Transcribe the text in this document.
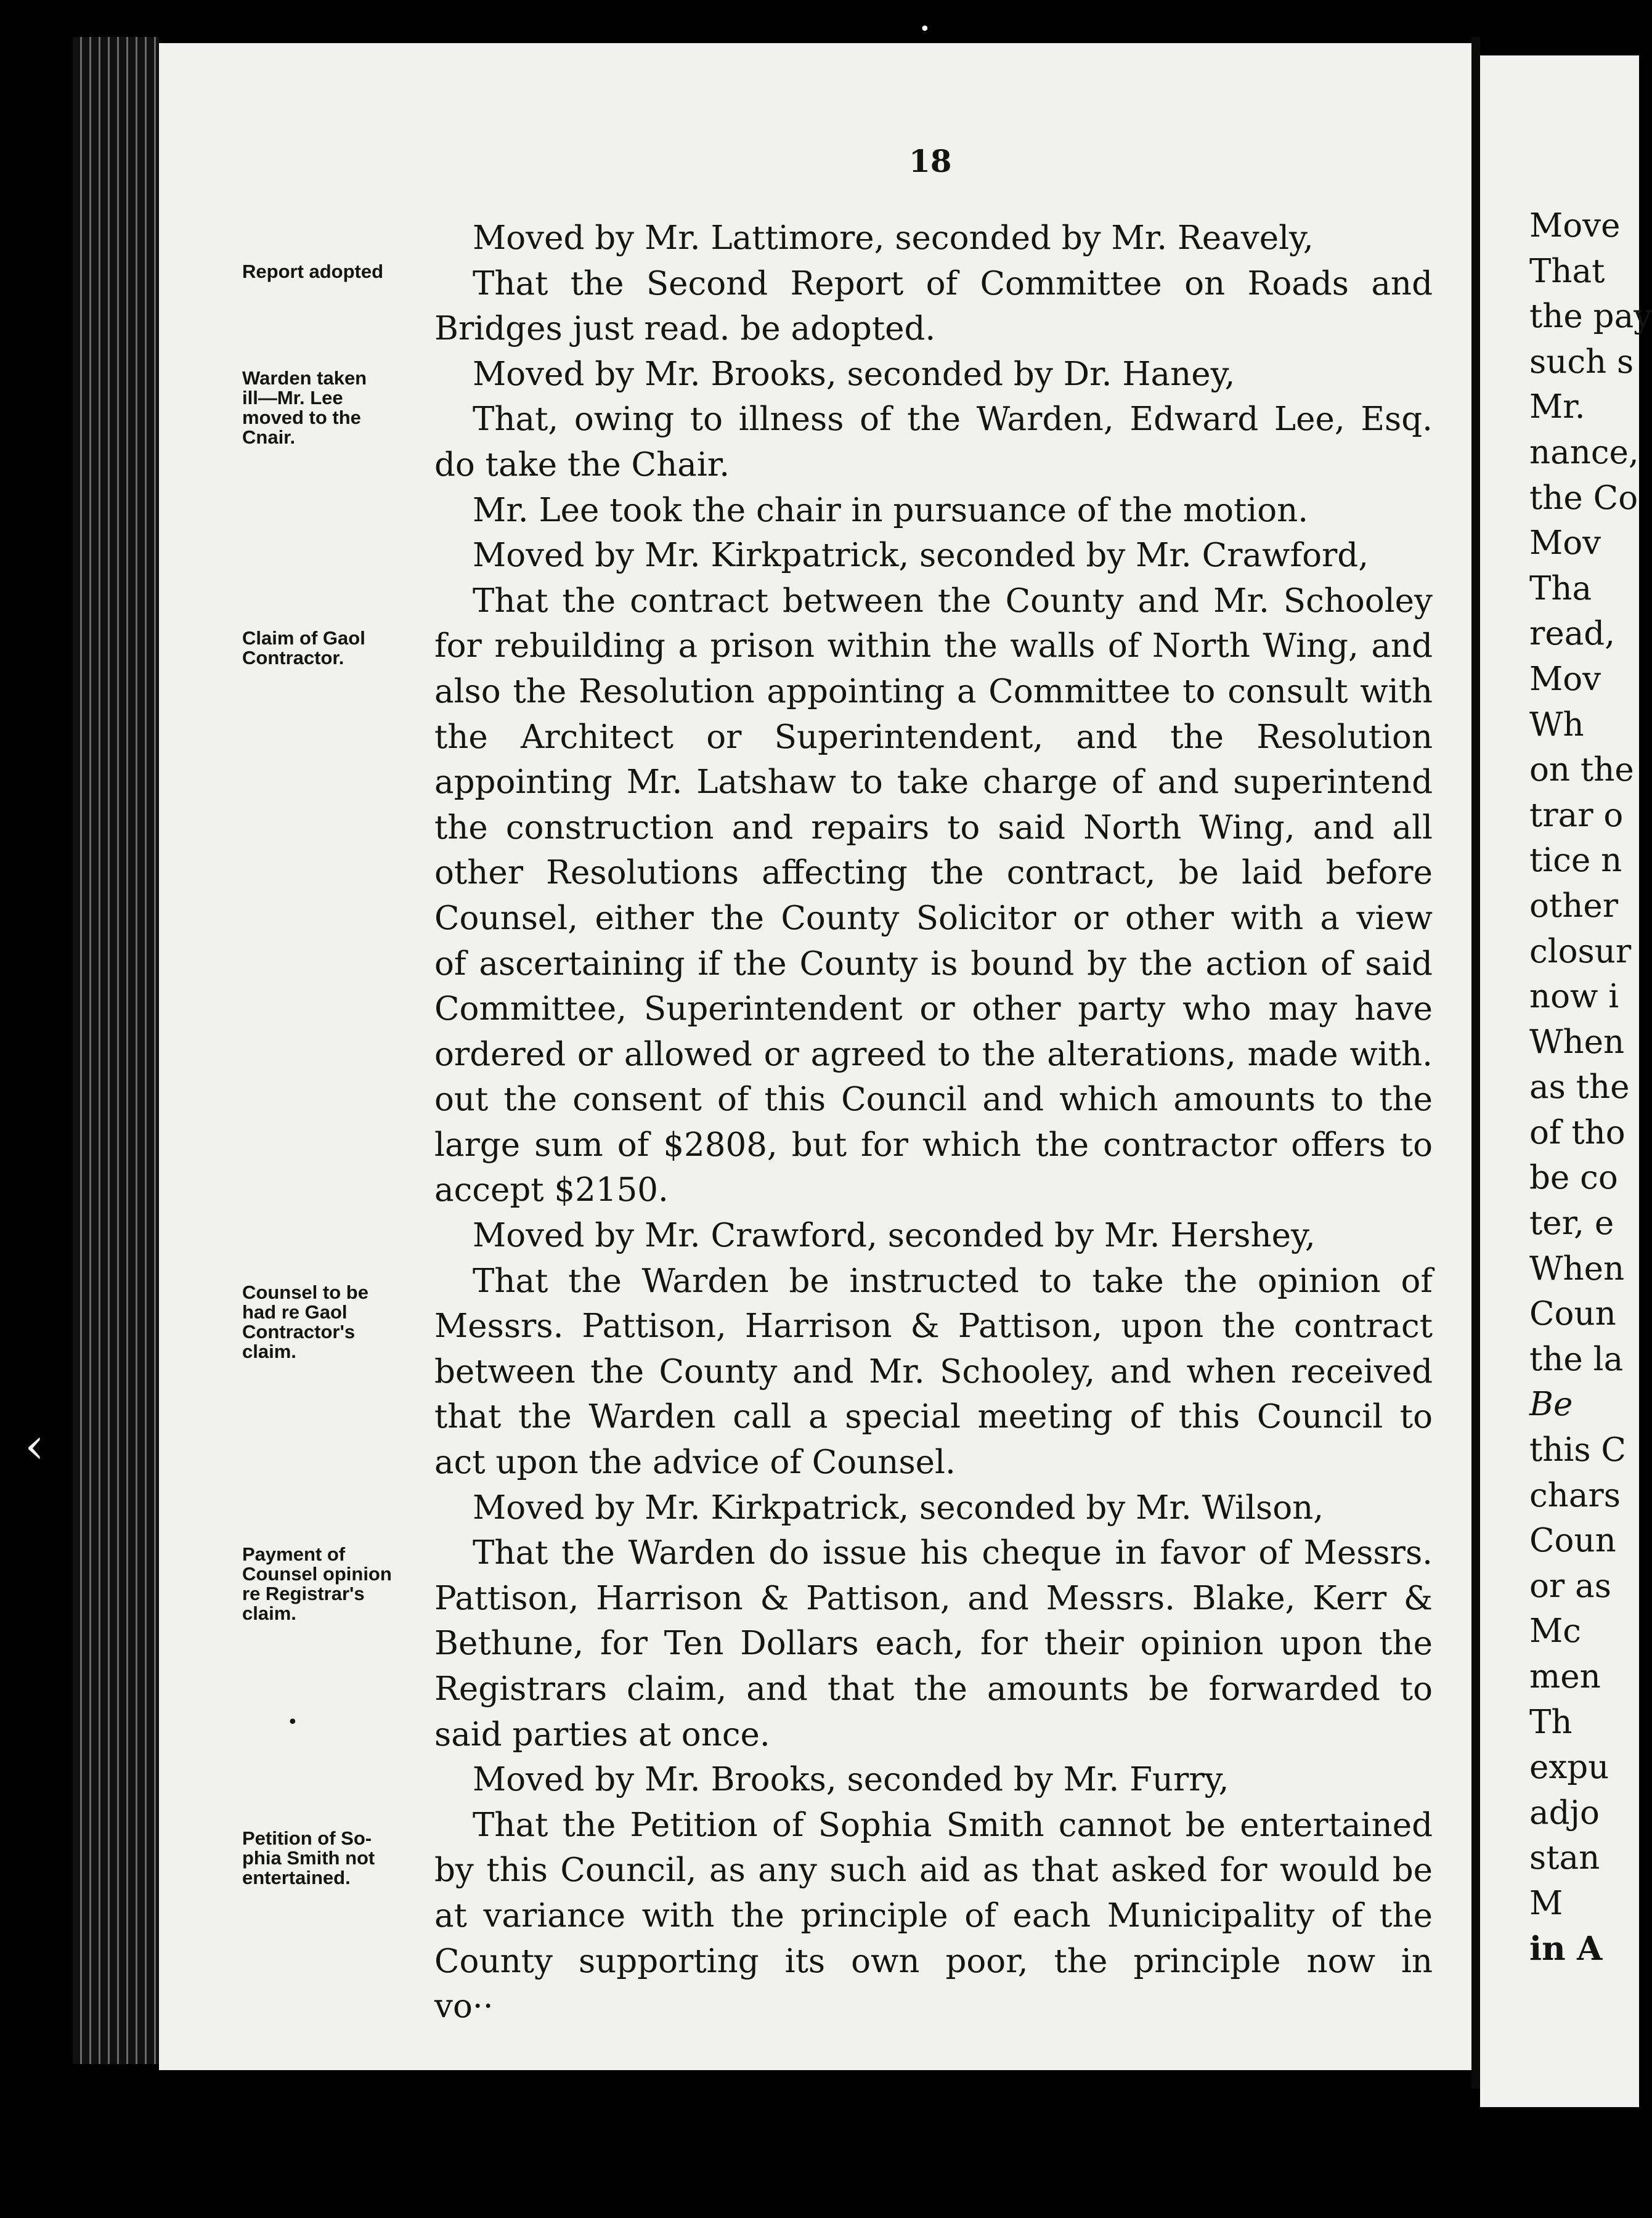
‹
18
Report adopted
Warden taken
ill—Mr. Lee
moved to the
Cnair.
Claim of Gaol
Contractor.
Counsel to be
had re Gaol
Contractor's
claim.
Payment of
Counsel opinion
re Registrar's
claim.
Petition of So-
phia Smith not
entertained.
Moved by Mr. Lattimore, seconded by Mr. Reavely,
That the Second Report of Committee on Roads and
Bridges just read. be adopted.
Moved by Mr. Brooks, seconded by Dr. Haney,
That, owing to illness of the Warden, Edward Lee, Esq.
do take the Chair.
Mr. Lee took the chair in pursuance of the motion.
Moved by Mr. Kirkpatrick, seconded by Mr. Crawford,
That the contract between the County and Mr. Schooley
for rebuilding a prison within the walls of North Wing, and
also the Resolution appointing a Committee to consult with
the Architect or Superintendent, and the Resolution
appointing Mr. Latshaw to take charge of and superintend
the construction and repairs to said North Wing, and all
other Resolutions affecting the contract, be laid before
Counsel, either the County Solicitor or other with a view
of ascertaining if the County is bound by the action of said
Committee, Superintendent or other party who may have
ordered or allowed or agreed to the alterations, made with.
out the consent of this Council and which amounts to the
large sum of $2808, but for which the contractor offers to
accept $2150.
Moved by Mr. Crawford, seconded by Mr. Hershey,
That the Warden be instructed to take the opinion of
Messrs. Pattison, Harrison & Pattison, upon the contract
between the County and Mr. Schooley, and when received
that the Warden call a special meeting of this Council to
act upon the advice of Counsel.
Moved by Mr. Kirkpatrick, seconded by Mr. Wilson,
That the Warden do issue his cheque in favor of Messrs.
Pattison, Harrison & Pattison, and Messrs. Blake, Kerr &
Bethune, for Ten Dollars each, for their opinion upon the
Registrars claim, and that the amounts be forwarded to
said parties at once.
Moved by Mr. Brooks, seconded by Mr. Furry,
That the Petition of Sophia Smith cannot be entertained
by this Council, as any such aid as that asked for would be
at variance with the principle of each Municipality of the
County supporting its own poor, the principle now in
Move
That
the pay
such s
Mr.
nance,
the Co
Mov
Tha
read,
Mov
Wh
on the
trar o
tice n
other
closur
now i
When
as the
of tho
be co
ter, e
When
Coun
the la
Be
this C
chars
Coun
or as
Mc
men
Th
expu
adjo
stan
M
in A
•
•
